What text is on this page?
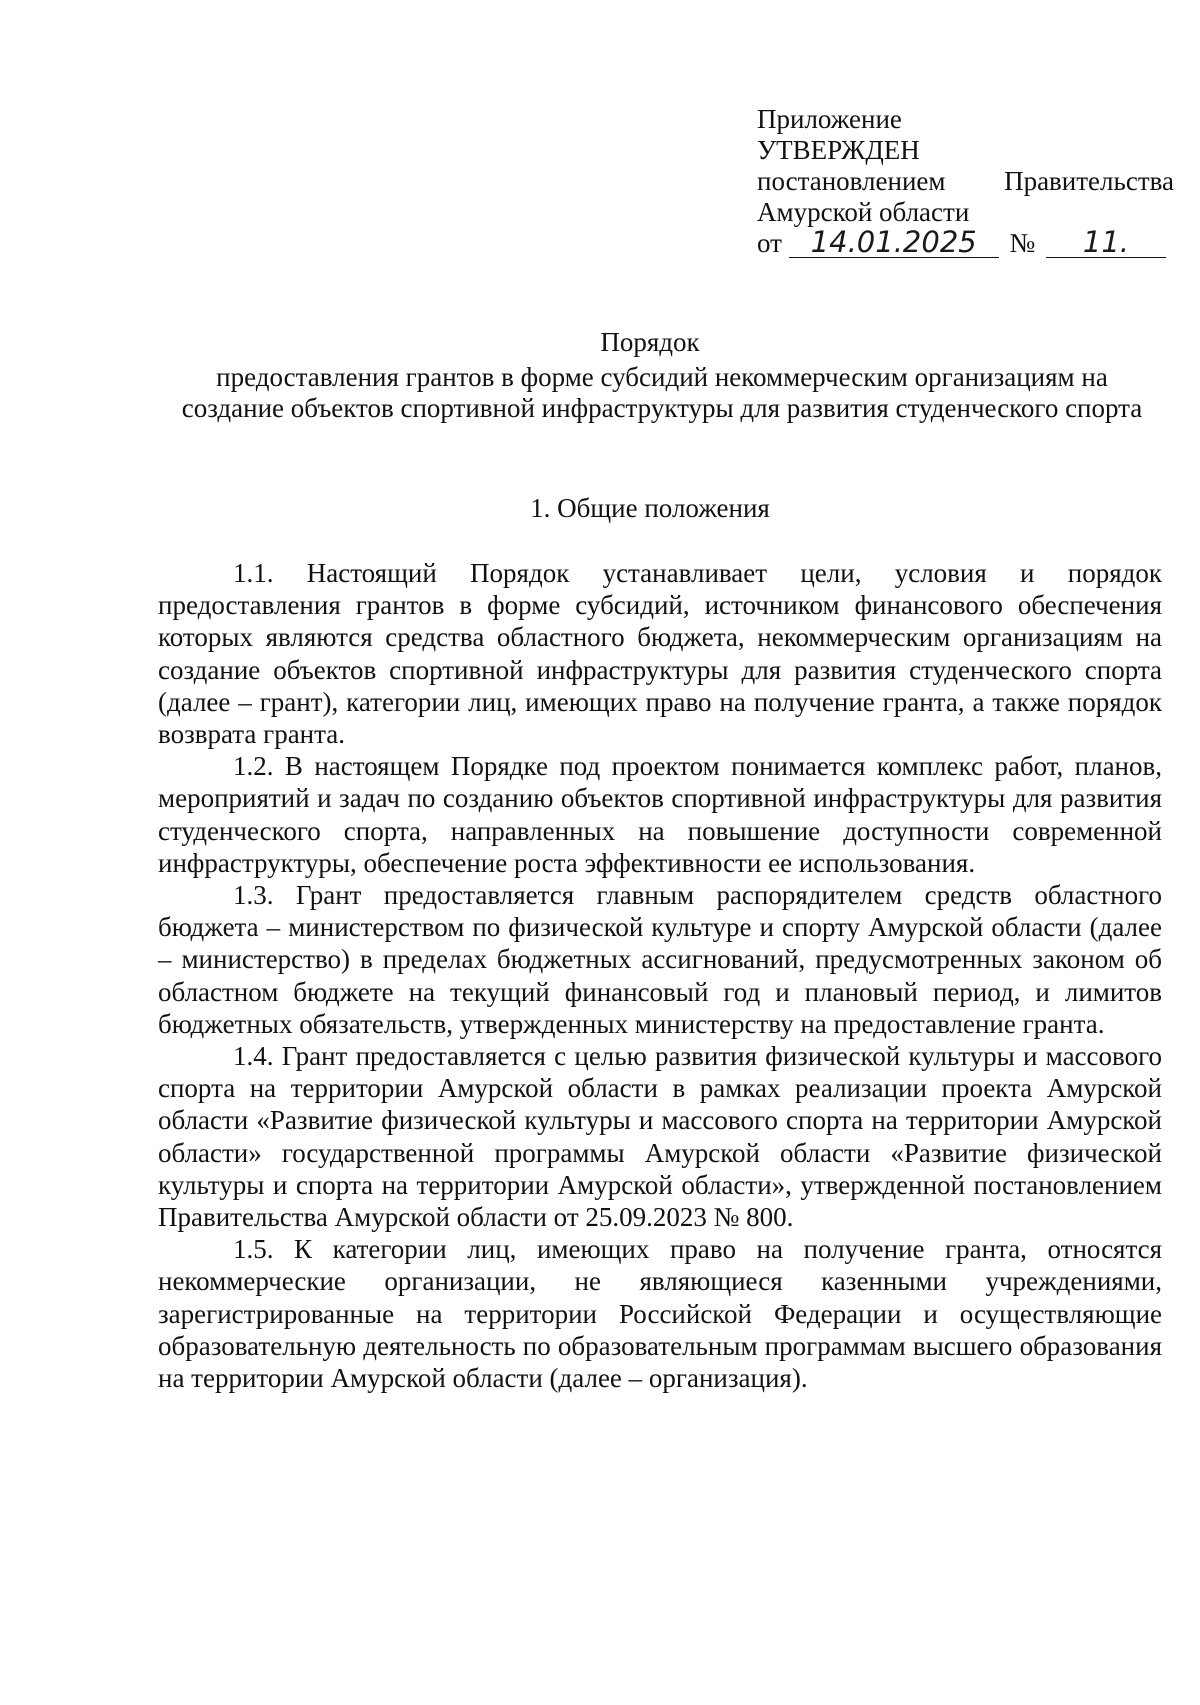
Приложение
УТВЕРЖДЕН
постановлением Правительства
Амурской области
от 14.01.2025 № 11.
Порядок
предоставления грантов в форме субсидий некоммерческим организациям на создание объектов спортивной инфраструктуры для развития студенческого спорта
1. Общие положения

1.1. Настоящий Порядок устанавливает цели, условия и порядок предоставления грантов в форме субсидий, источником финансового обеспечения которых являются средства областного бюджета, некоммерческим организациям на создание объектов спортивной инфраструктуры для развития студенческого спорта (далее – грант), категории лиц, имеющих право на получение гранта, а также порядок возврата гранта.

1.2. В настоящем Порядке под проектом понимается комплекс работ, планов, мероприятий и задач по созданию объектов спортивной инфраструктуры для развития студенческого спорта, направленных на повышение доступности современной инфраструктуры, обеспечение роста эффективности ее использования.

1.3. Грант предоставляется главным распорядителем средств областного бюджета – министерством по физической культуре и спорту Амурской области (далее – министерство) в пределах бюджетных ассигнований, предусмотренных законом об областном бюджете на текущий финансовый год и плановый период, и лимитов бюджетных обязательств, утвержденных министерству на предоставление гранта.

1.4. Грант предоставляется с целью развития физической культуры и массового спорта на территории Амурской области в рамках реализации проекта Амурской области «Развитие физической культуры и массового спорта на территории Амурской области» государственной программы Амурской области «Развитие физической культуры и спорта на территории Амурской области», утвержденной постановлением Правительства Амурской области от 25.09.2023 № 800.

1.5. К категории лиц, имеющих право на получение гранта, относятся некоммерческие организации, не являющиеся казенными учреждениями, зарегистрированные на территории Российской Федерации и осуществляющие образовательную деятельность по образовательным программам высшего образования на территории Амурской области (далее – организация).
